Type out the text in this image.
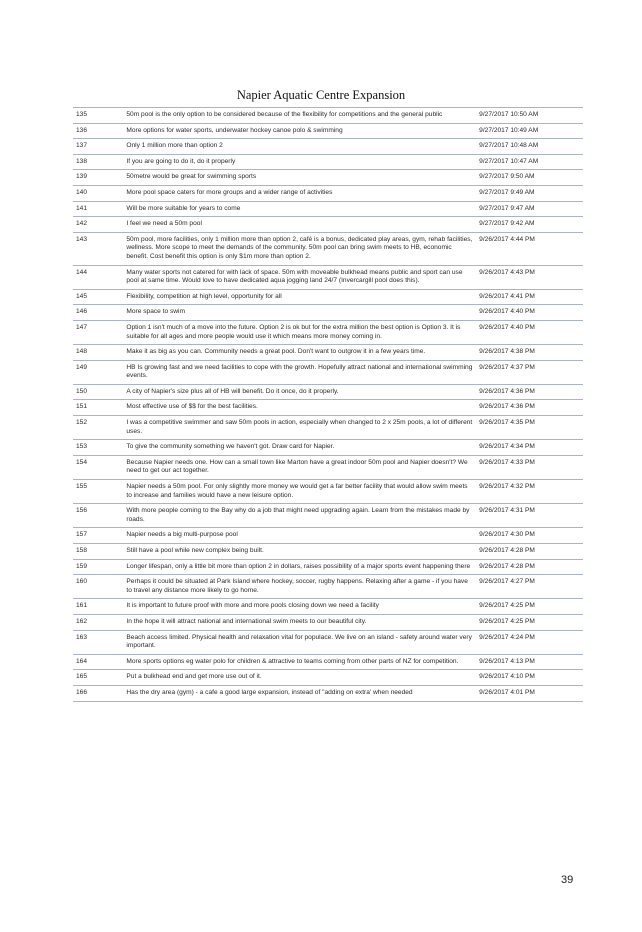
Napier Aquatic Centre Expansion
135	50m pool is the only option to be considered because of the flexibility for competitions and the general public	9/27/2017 10:50 AM
136	More options for water sports, underwater hockey canoe polo & swimming	9/27/2017 10:49 AM
137	Only 1 million more than option 2	9/27/2017 10:48 AM
138	If you are going to do it, do it properly	9/27/2017 10:47 AM
139	50metre would be great for swimming sports	9/27/2017 9:50 AM
140	More pool space caters for more groups and a wider range of activities	9/27/2017 9:49 AM
141	Will be more suitable for years to come	9/27/2017 9:47 AM
142	I feel we need a 50m pool	9/27/2017 9:42 AM
143	50m pool, more facilities, only 1 million more than option 2, café is a bonus, dedicated play areas, gym, rehab facilities, wellness. More scope to meet the demands of the community. 50m pool can bring swim meets to HB, economic benefit. Cost benefit this option is only $1m more than option 2.	9/26/2017 4:44 PM
144	Many water sports not catered for with lack of space. 50m with moveable bulkhead means public and sport can use pool at same time. Would love to have dedicated aqua jogging land 24/7 (Invercargill pool does this).	9/26/2017 4:43 PM
145	Flexibility, competition at high level, opportunity for all	9/26/2017 4:41 PM
146	More space to swim	9/26/2017 4:40 PM
147	Option 1 isn't much of a move into the future. Option 2 is ok but for the extra million the best option is Option 3. It is suitable for all ages and more people would use it which means more money coming in.	9/26/2017 4:40 PM
148	Make it as big as you can. Community needs a great pool. Don't want to outgrow it in a few years time.	9/26/2017 4:38 PM
149	HB Is growing fast and we need facilities to cope with the growth. Hopefully attract national and international swimming events.	9/26/2017 4:37 PM
150	A city of Napier's size plus all of HB will benefit. Do it once, do it properly.	9/26/2017 4:36 PM
151	Most effective use of $$ for the best facilities.	9/26/2017 4:36 PM
152	I was a competitive swimmer and saw 50m pools in action, especially when changed to 2 x 25m pools, a lot of different uses.	9/26/2017 4:35 PM
153	To give the community something we haven't got. Draw card for Napier.	9/26/2017 4:34 PM
154	Because Napier needs one. How can a small town like Marton have a great indoor 50m pool and Napier doesn't? We need to get our act together.	9/26/2017 4:33 PM
155	Napier needs a 50m pool. For only slightly more money we would get a far better facility that would allow swim meets to increase and families would have a new leisure option.	9/26/2017 4:32 PM
156	With more people coming to the Bay why do a job that might need upgrading again. Learn from the mistakes made by roads.	9/26/2017 4:31 PM
157	Napier needs a big multi-purpose pool	9/26/2017 4:30 PM
158	Still have a pool while new complex being built.	9/26/2017 4:28 PM
159	Longer lifespan, only a little bit more than option 2 in dollars, raises possibility of a major sports event happening there	9/26/2017 4:28 PM
160	Perhaps it could be situated at Park Island where hockey, soccer, rugby happens. Relaxing after a game - if you have to travel any distance more likely to go home.	9/26/2017 4:27 PM
161	It is important to future proof with more and more pools closing down we need a facility	9/26/2017 4:25 PM
162	In the hope it will attract national and international swim meets to our beautiful city.	9/26/2017 4:25 PM
163	Beach access limited. Physical health and relaxation vital for populace. We live on an island - safety around water very important.	9/26/2017 4:24 PM
164	More sports options eg water polo for children & attractive to teams coming from other parts of NZ for competition.	9/26/2017 4:13 PM
165	Put a bulkhead end and get more use out of it.	9/26/2017 4:10 PM
166	Has the dry area (gym) - a cafe a good large expansion, instead of "adding on extra' when needed	9/26/2017 4:01 PM
39
